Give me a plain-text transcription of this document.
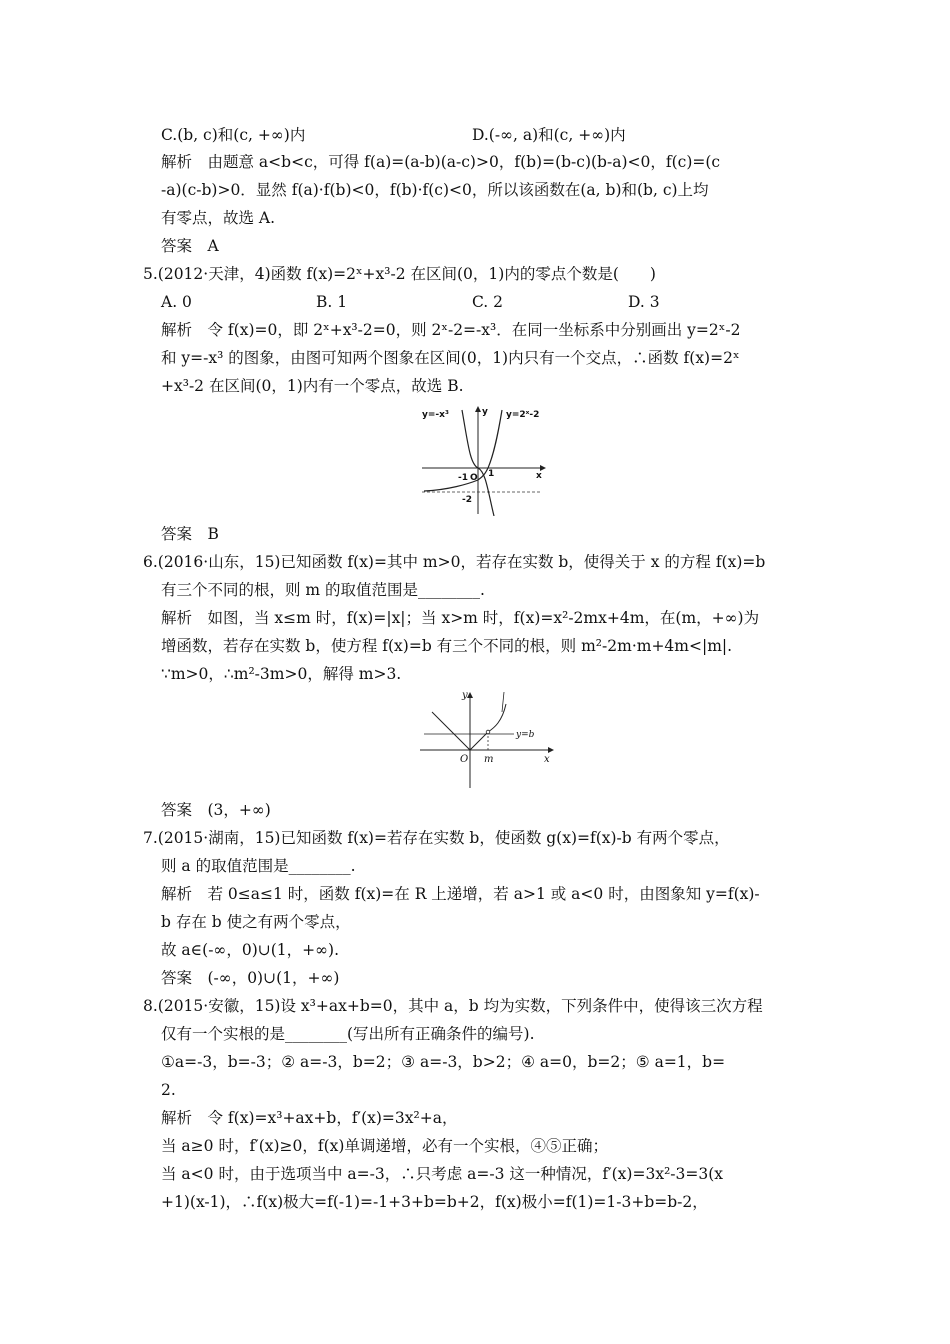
C.(b, c)和(c, +∞)内	D.(-∞, a)和(c, +∞)内
解析　由题意 a<b<c，可得 f(a)=(a-b)(a-c)>0，f(b)=(b-c)(b-a)<0，f(c)=(c
-a)(c-b)>0．显然 f(a)·f(b)<0，f(b)·f(c)<0，所以该函数在(a, b)和(b, c)上均
有零点，故选 A.
答案　A
5.(2012·天津，4)函数 f(x)=2ˣ+x³-2 在区间(0，1)内的零点个数是(　　)
A. 0	B. 1	C. 2	D. 3
解析　令 f(x)=0，即 2ˣ+x³-2=0，则 2ˣ-2=-x³．在同一坐标系中分别画出 y=2ˣ-2
和 y=-x³ 的图象，由图可知两个图象在区间(0，1)内只有一个交点，∴函数 f(x)=2ˣ
+x³-2 在区间(0，1)内有一个零点，故选 B.
y=-x³	y=2ˣ-2
y
x
-1 O 1
-2
答案　B
6.(2016·山东，15)已知函数 f(x)=其中 m>0，若存在实数 b，使得关于 x 的方程 f(x)=b
有三个不同的根，则 m 的取值范围是________.
解析　如图，当 x≤m 时，f(x)=|x|；当 x>m 时，f(x)=x²-2mx+4m，在(m，+∞)为
增函数，若存在实数 b，使方程 f(x)=b 有三个不同的根，则 m²-2m·m+4m<|m|.
∵m>0，∴m²-3m>0，解得 m>3.
y
x
O m
y=b
答案　(3，+∞)
7.(2015·湖南，15)已知函数 f(x)=若存在实数 b，使函数 g(x)=f(x)-b 有两个零点，
则 a 的取值范围是________.
解析　若 0≤a≤1 时，函数 f(x)=在 R 上递增，若 a>1 或 a<0 时，由图象知 y=f(x)-
b 存在 b 使之有两个零点，
故 a∈(-∞，0)∪(1，+∞).
答案　(-∞，0)∪(1，+∞)
8.(2015·安徽，15)设 x³+ax+b=0，其中 a，b 均为实数，下列条件中，使得该三次方程
仅有一个实根的是________(写出所有正确条件的编号).
①a=-3，b=-3；② a=-3，b=2；③ a=-3，b>2；④ a=0，b=2；⑤ a=1，b=
2.
解析　令 f(x)=x³+ax+b，f′(x)=3x²+a，
当 a≥0 时，f′(x)≥0，f(x)单调递增，必有一个实根，④⑤正确；
当 a<0 时，由于选项当中 a=-3，∴只考虑 a=-3 这一种情况，f′(x)=3x²-3=3(x
+1)(x-1)，∴f(x)极大=f(-1)=-1+3+b=b+2，f(x)极小=f(1)=1-3+b=b-2，
